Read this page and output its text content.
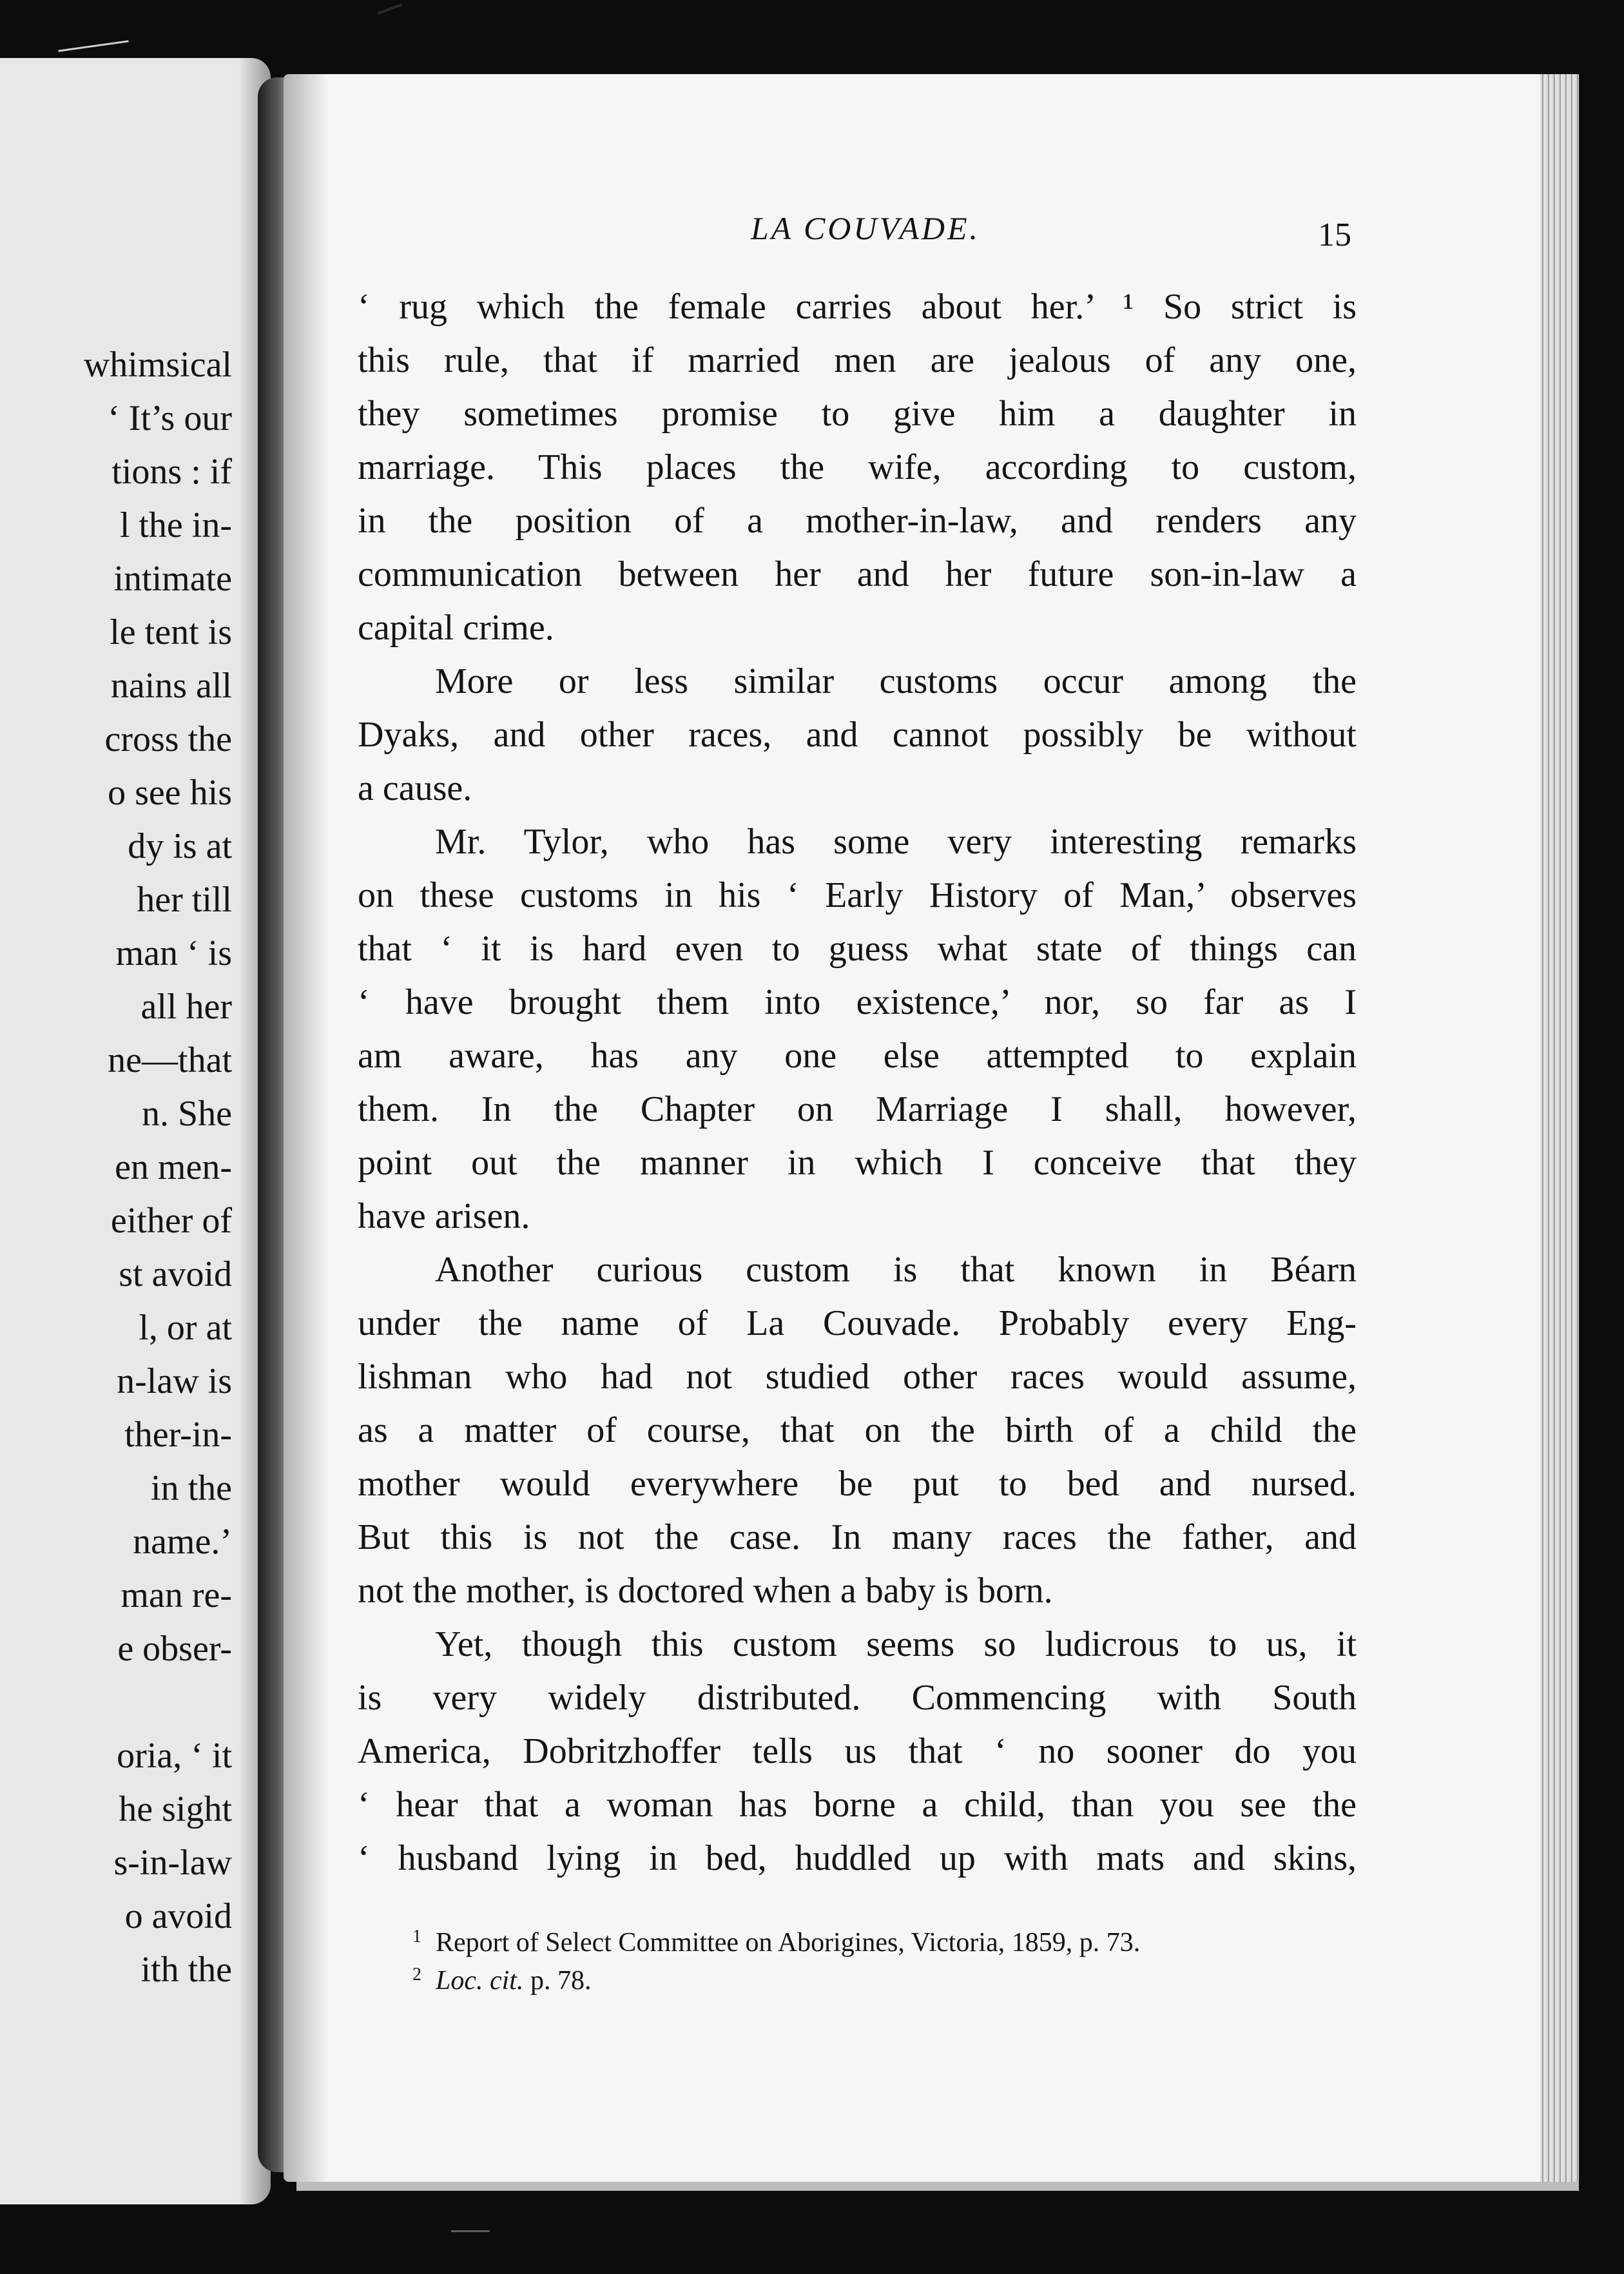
whimsical
‘ It’s our
tions : if
l the in-
intimate
le tent is
nains all
cross the
o see his
dy is at
her till
man ‘ is
all her
ne—that
n. She
en men-
either of
st avoid
l, or at
n-law is
ther-in-
in the
name.’
man re-
e obser-
oria, ‘ it
he sight
s-in-law
o avoid
ith the
LA COUVADE.	15
‘ rug which the female carries about her.’ ¹ So strict is
this rule, that if married men are jealous of any one,
they sometimes promise to give him a daughter in
marriage. This places the wife, according to custom,
in the position of a mother-in-law, and renders any
communication between her and her future son-in-law a
capital crime.
More or less similar customs occur among the
Dyaks, and other races, and cannot possibly be without
a cause.
Mr. Tylor, who has some very interesting remarks
on these customs in his ‘ Early History of Man,’ observes
that ‘ it is hard even to guess what state of things can
‘ have brought them into existence,’ nor, so far as I
am aware, has any one else attempted to explain
them. In the Chapter on Marriage I shall, however,
point out the manner in which I conceive that they
have arisen.
Another curious custom is that known in Béarn
under the name of La Couvade. Probably every Eng-
lishman who had not studied other races would assume,
as a matter of course, that on the birth of a child the
mother would everywhere be put to bed and nursed.
But this is not the case. In many races the father, and
not the mother, is doctored when a baby is born.
Yet, though this custom seems so ludicrous to us, it
is very widely distributed. Commencing with South
America, Dobritzhoffer tells us that ‘ no sooner do you
‘ hear that a woman has borne a child, than you see the
‘ husband lying in bed, huddled up with mats and skins,
$^1$ Report of Select Committee on Aborigines, Victoria, 1859, p. 73.
$^2$ Loc. cit. p. 78.
